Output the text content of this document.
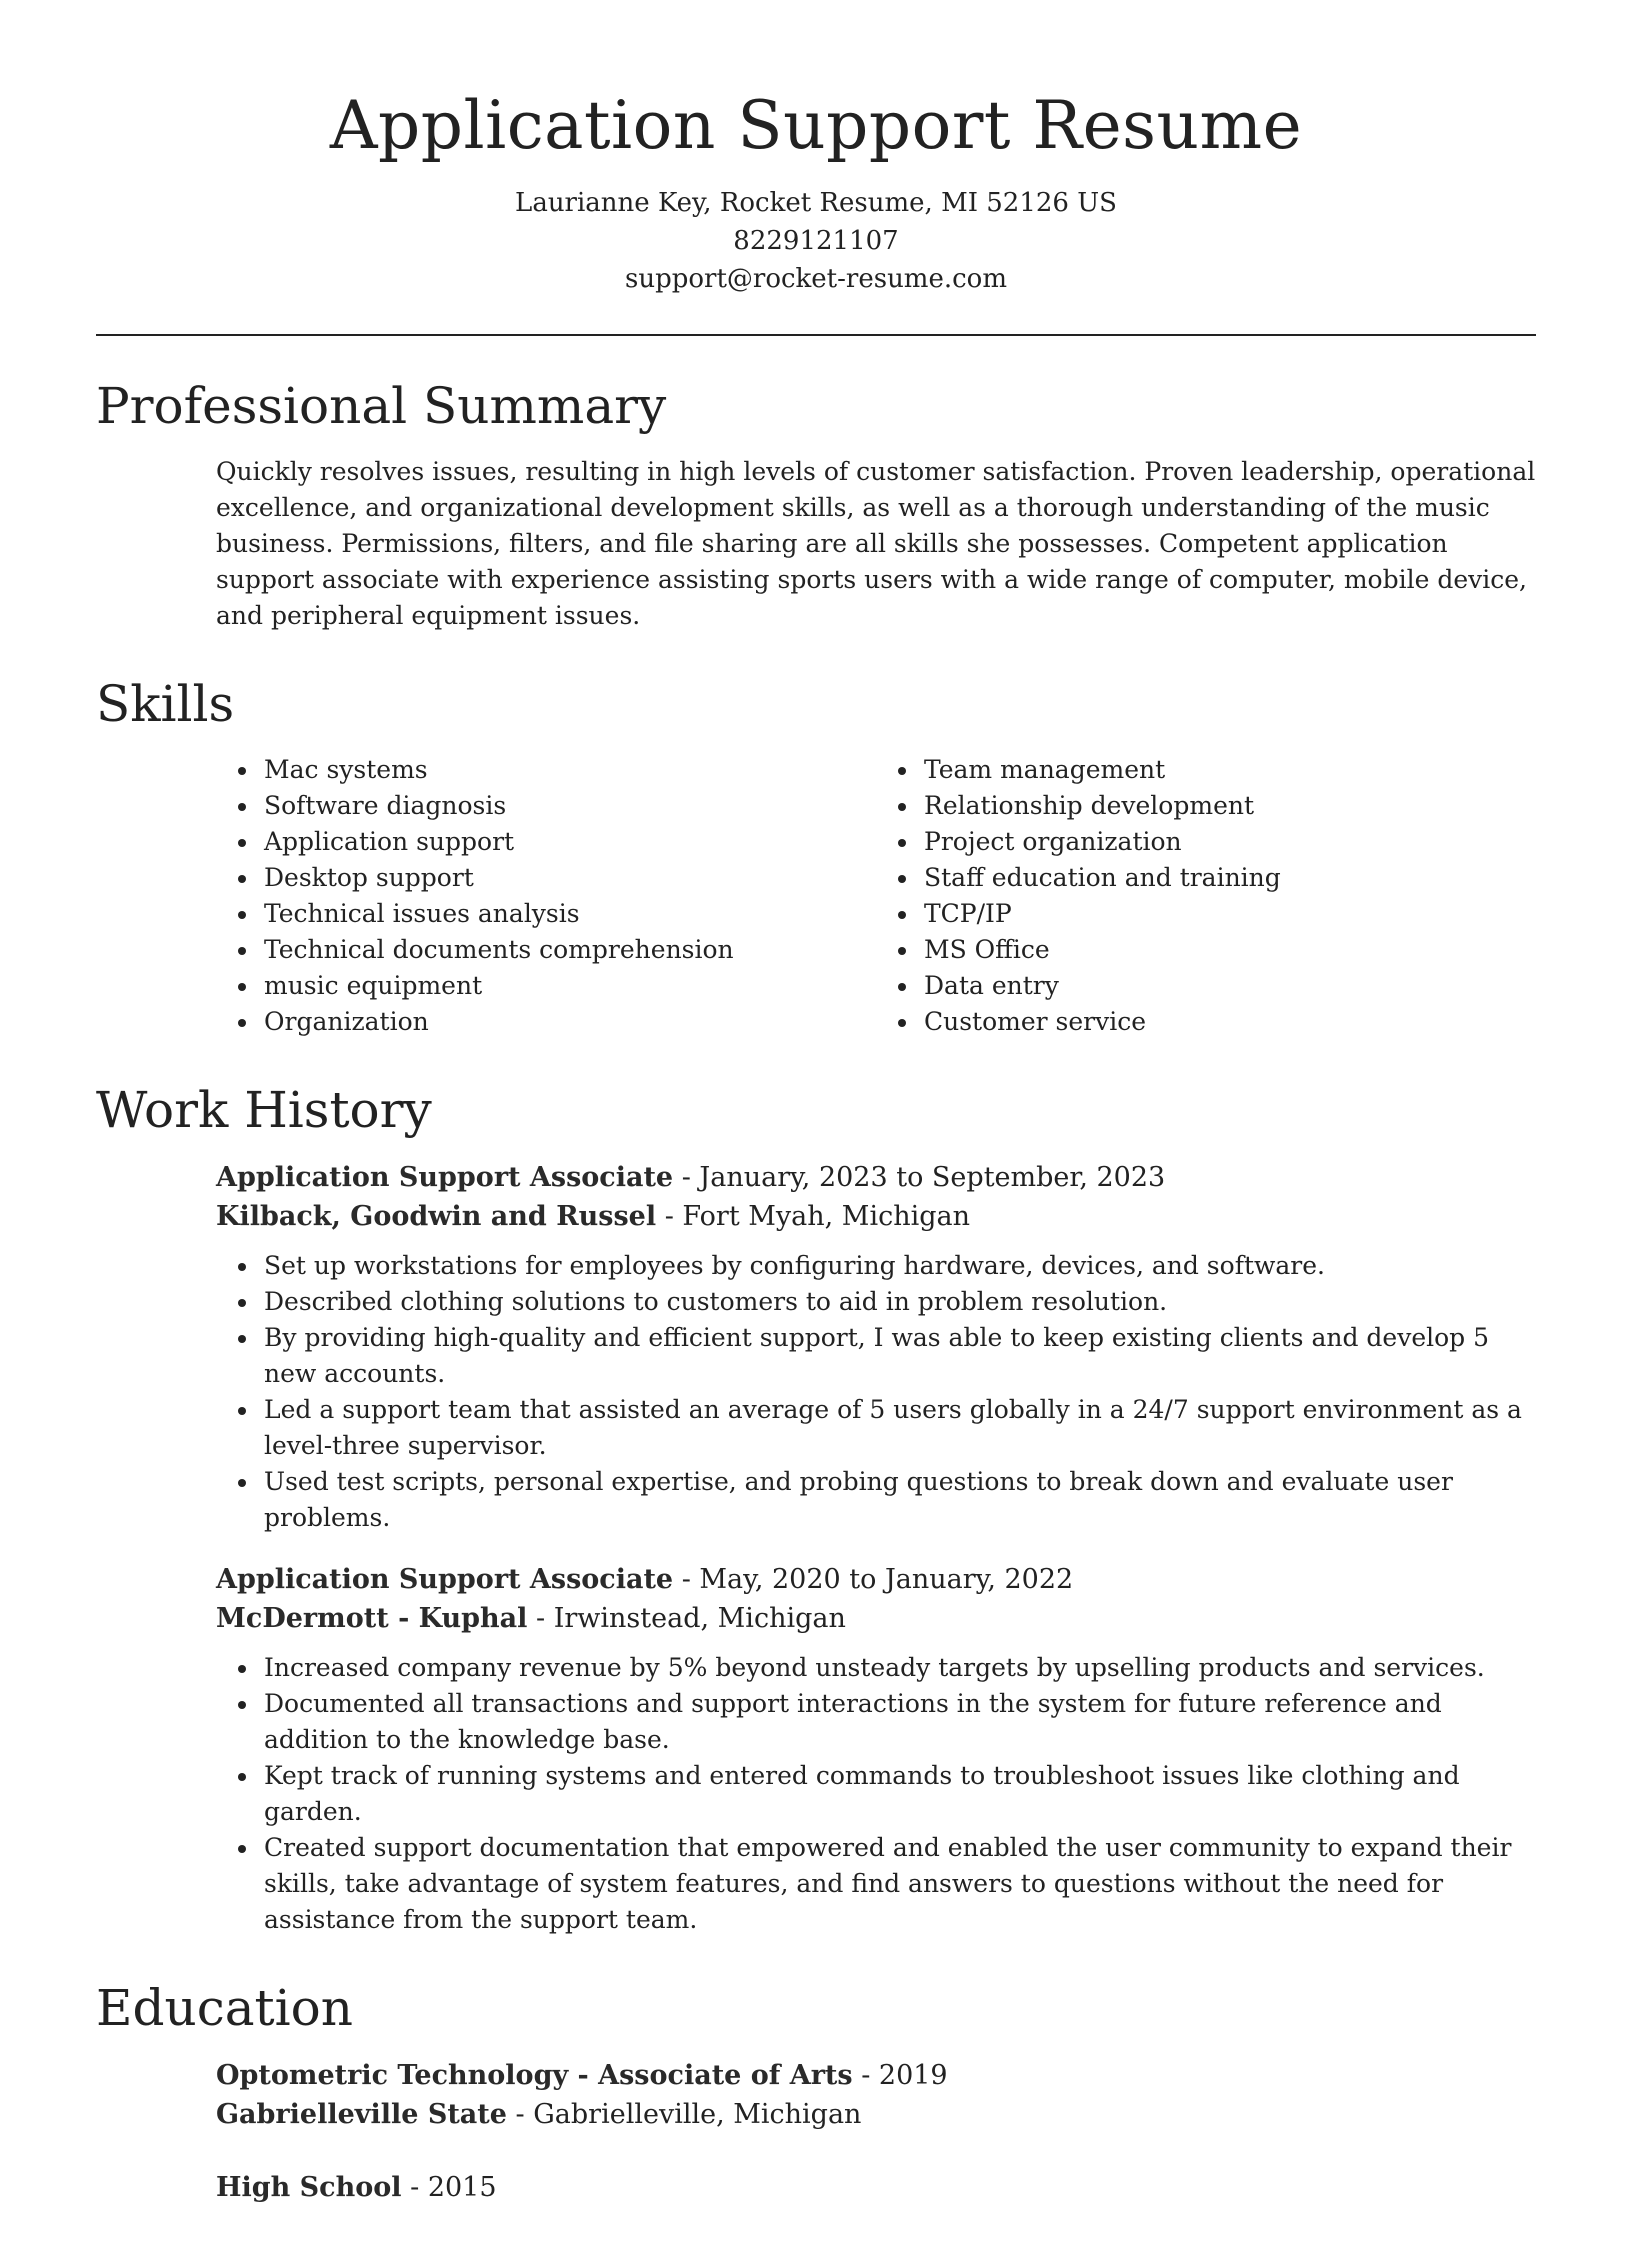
Application Support Resume
Laurianne Key, Rocket Resume, MI 52126 US
8229121107
support@rocket-resume.com
Professional Summary

Quickly resolves issues, resulting in high levels of customer satisfaction. Proven leadership, operational excellence, and organizational development skills, as well as a thorough understanding of the music business. Permissions, filters, and file sharing are all skills she possesses. Competent application support associate with experience assisting sports users with a wide range of computer, mobile device, and peripheral equipment issues.

Skills
• Mac systems
• Software diagnosis
• Application support
• Desktop support
• Technical issues analysis
• Technical documents comprehension
• music equipment
• Organization
• Team management
• Relationship development
• Project organization
• Staff education and training
• TCP/IP
• MS Office
• Data entry
• Customer service
Work History
Application Support Associate - January, 2023 to September, 2023
Kilback, Goodwin and Russel - Fort Myah, Michigan
• Set up workstations for employees by configuring hardware, devices, and software.
• Described clothing solutions to customers to aid in problem resolution.
• By providing high-quality and efficient support, I was able to keep existing clients and develop 5 new accounts.
• Led a support team that assisted an average of 5 users globally in a 24/7 support environment as a level-three supervisor.
• Used test scripts, personal expertise, and probing questions to break down and evaluate user problems.
Application Support Associate - May, 2020 to January, 2022
McDermott - Kuphal - Irwinstead, Michigan
• Increased company revenue by 5% beyond unsteady targets by upselling products and services.
• Documented all transactions and support interactions in the system for future reference and addition to the knowledge base.
• Kept track of running systems and entered commands to troubleshoot issues like clothing and garden.
• Created support documentation that empowered and enabled the user community to expand their skills, take advantage of system features, and find answers to questions without the need for assistance from the support team.
Education
Optometric Technology - Associate of Arts - 2019
Gabrielleville State - Gabrielleville, Michigan
High School - 2015
